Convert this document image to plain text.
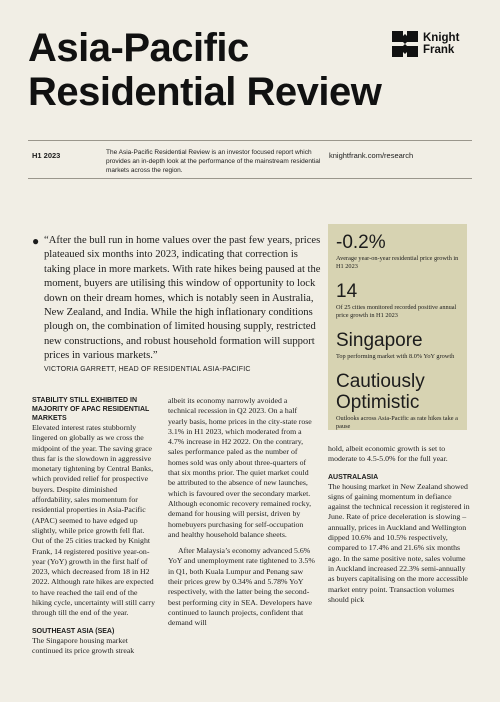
Asia-Pacific
Residential Review
Knight
Frank
H1 2023	The Asia-Pacific Residential Review is an investor focused report which provides an in-depth look at the performance of the mainstream residential markets across the region.
knightfrank.com/research
● “After the bull run in home values over the past few years, prices plateaued six months into 2023, indicating that correction is taking place in more markets. With rate hikes being paused at the moment, buyers are utilising this window of opportunity to lock down on their dream homes, which is notably seen in Australia, New Zealand, and India. While the high inflationary conditions plough on, the combination of limited housing supply, restricted new constructions, and robust household formation will support prices in various markets.”
VICTORIA GARRETT, HEAD OF RESIDENTIAL ASIA-PACIFIC
-0.2%
Average year-on-year residential price growth in H1 2023
14
Of 25 cities monitored recorded positive annual price growth in H1 2023
Singapore
Top performing market with 8.0% YoY growth
Cautiously Optimistic
Outlooks across Asia-Pacific as rate hikes take a pause
STABILITY STILL EXHIBITED IN MAJORITY OF APAC RESIDENTIAL MARKETS

Elevated interest rates stubbornly lingered on globally as we cross the midpoint of the year. The saving grace thus far is the slowdown in aggressive monetary tightening by Central Banks, which provided relief for prospective buyers. Despite diminished affordability, sales momentum for residential properties in Asia-Pacific (APAC) seemed to have edged up slightly, while price growth fell flat. Out of the 25 cities tracked by Knight Frank, 14 registered positive year-on-year (YoY) growth in the first half of 2023, which decreased from 18 in H2 2022. Although rate hikes are expected to have reached the tail end of the hiking cycle, uncertainty will still carry through till the end of the year.

SOUTHEAST ASIA (SEA)

The Singapore housing market continued its price growth streak

albeit its economy narrowly avoided a technical recession in Q2 2023. On a half yearly basis, home prices in the city-state rose 3.1% in H1 2023, which moderated from a 4.7% increase in H2 2022. On the contrary, sales performance paled as the number of homes sold was only about three-quarters of that six months prior. The quiet market could be attributed to the absence of new launches, which is favoured over the secondary market. Although economic recovery remained rocky, demand for housing will persist, driven by homebuyers purchasing for self-occupation and healthy household balance sheets.

After Malaysia’s economy advanced 5.6% YoY and unemployment rate tightened to 3.5% in Q1, both Kuala Lumpur and Penang saw their prices grew by 0.34% and 5.78% YoY respectively, with the latter being the second-best performing city in SEA. Developers have continued to launch projects, confident that demand will

hold, albeit economic growth is set to moderate to 4.5-5.0% for the full year.

AUSTRALASIA

The housing market in New Zealand showed signs of gaining momentum in defiance against the technical recession it registered in June. Rate of price deceleration is slowing – annually, prices in Auckland and Wellington dipped 10.6% and 10.5% respectively, compared to 17.4% and 21.6% six months ago. In the same positive note, sales volume in Auckland increased 22.3% semi-annually as buyers capitalising on the more accessible market entry point. Transaction volumes should pick
